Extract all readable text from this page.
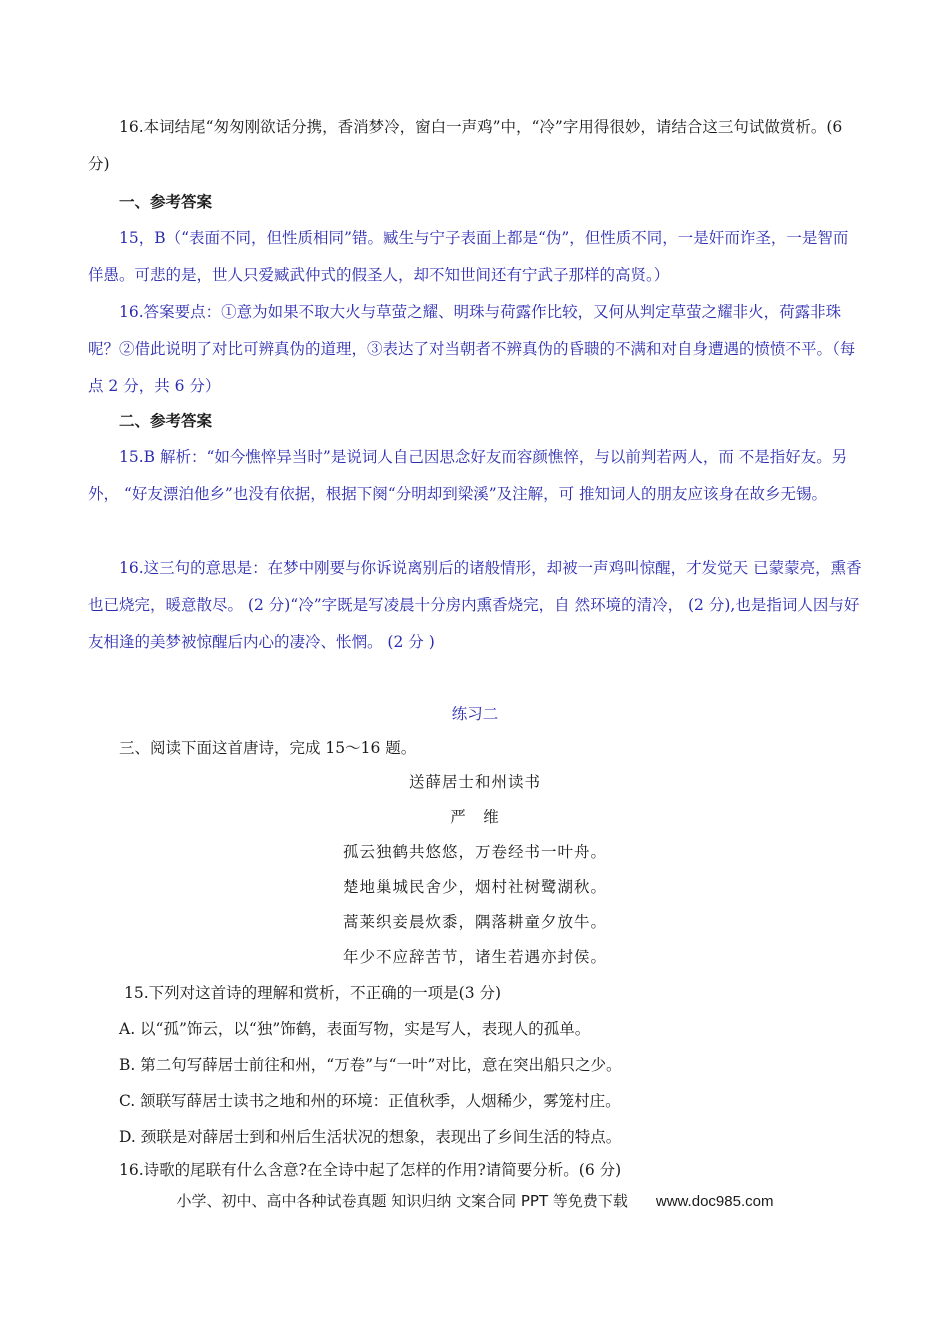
16.本词结尾“匆匆刚欲话分携，香消梦冷，窗白一声鸡”中，“冷”字用得很妙，请结合这三句试做赏析。(6 分)

一、参考答案

15，B（“表面不同，但性质相同”错。臧生与宁子表面上都是“伪”，但性质不同，一是奸而诈圣，一是智而佯愚。可悲的是，世人只爱臧武仲式的假圣人，却不知世间还有宁武子那样的高贤。）

16.答案要点：①意为如果不取大火与草萤之耀、明珠与荷露作比较，又何从判定草萤之耀非火，荷露非珠呢？②借此说明了对比可辨真伪的道理，③表达了对当朝者不辨真伪的昏聩的不满和对自身遭遇的愤愤不平。（每点 2 分，共 6 分）

二、参考答案

15.B 解析：“如今憔悴异当时”是说词人自己因思念好友而容颜憔悴，与以前判若两人，而 不是指好友。另外， “好友漂泊他乡”也没有依据，根据下阕“分明却到梁溪”及注解，可 推知词人的朋友应该身在故乡无锡。

16.这三句的意思是：在梦中刚要与你诉说离别后的诸般情形，却被一声鸡叫惊醒，才发觉天 已蒙蒙亮，熏香也已烧完，暖意散尽。 (2 分)“冷”字既是写凌晨十分房内熏香烧完，自 然环境的清冷， (2 分),也是指词人因与好友相逢的美梦被惊醒后内心的凄冷、怅惘。 (2 分 )

练习二

三、阅读下面这首唐诗，完成 15～16 题。

送薛居士和州读书

严　维

孤云独鹤共悠悠，万卷经书一叶舟。

楚地巢城民舍少，烟村社树鹭湖秋。

蒿莱织妾晨炊黍，隅落耕童夕放牛。

年少不应辞苦节，诸生若遇亦封侯。

15.下列对这首诗的理解和赏析，不正确的一项是(3 分)

A. 以“孤”饰云，以“独”饰鹤，表面写物，实是写人，表现人的孤单。

B. 第二句写薛居士前往和州，“万卷”与“一叶”对比，意在突出船只之少。

C. 颔联写薛居士读书之地和州的环境：正值秋季，人烟稀少，雾笼村庄。

D. 颈联是对薛居士到和州后生活状况的想象，表现出了乡间生活的特点。

16.诗歌的尾联有什么含意?在全诗中起了怎样的作用?请简要分析。(6 分)

小学、初中、高中各种试卷真题 知识归纳 文案合同 PPT 等免费下载 www.doc985.com
